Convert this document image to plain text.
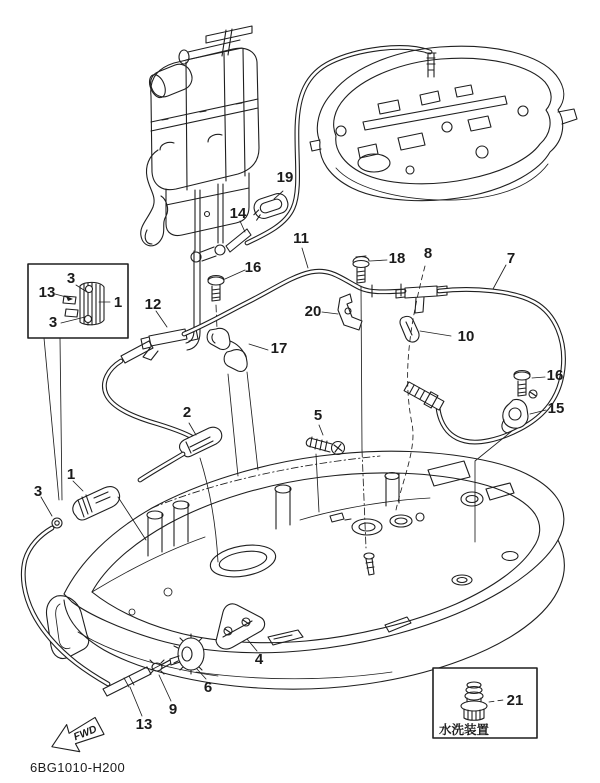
水洗装置
19
14
16
11
18 8	7
20
12
10
17
16
15
2	5
3
13
1
3
1
3
4
6
9
13
21
FWD
6BG1010-H200
